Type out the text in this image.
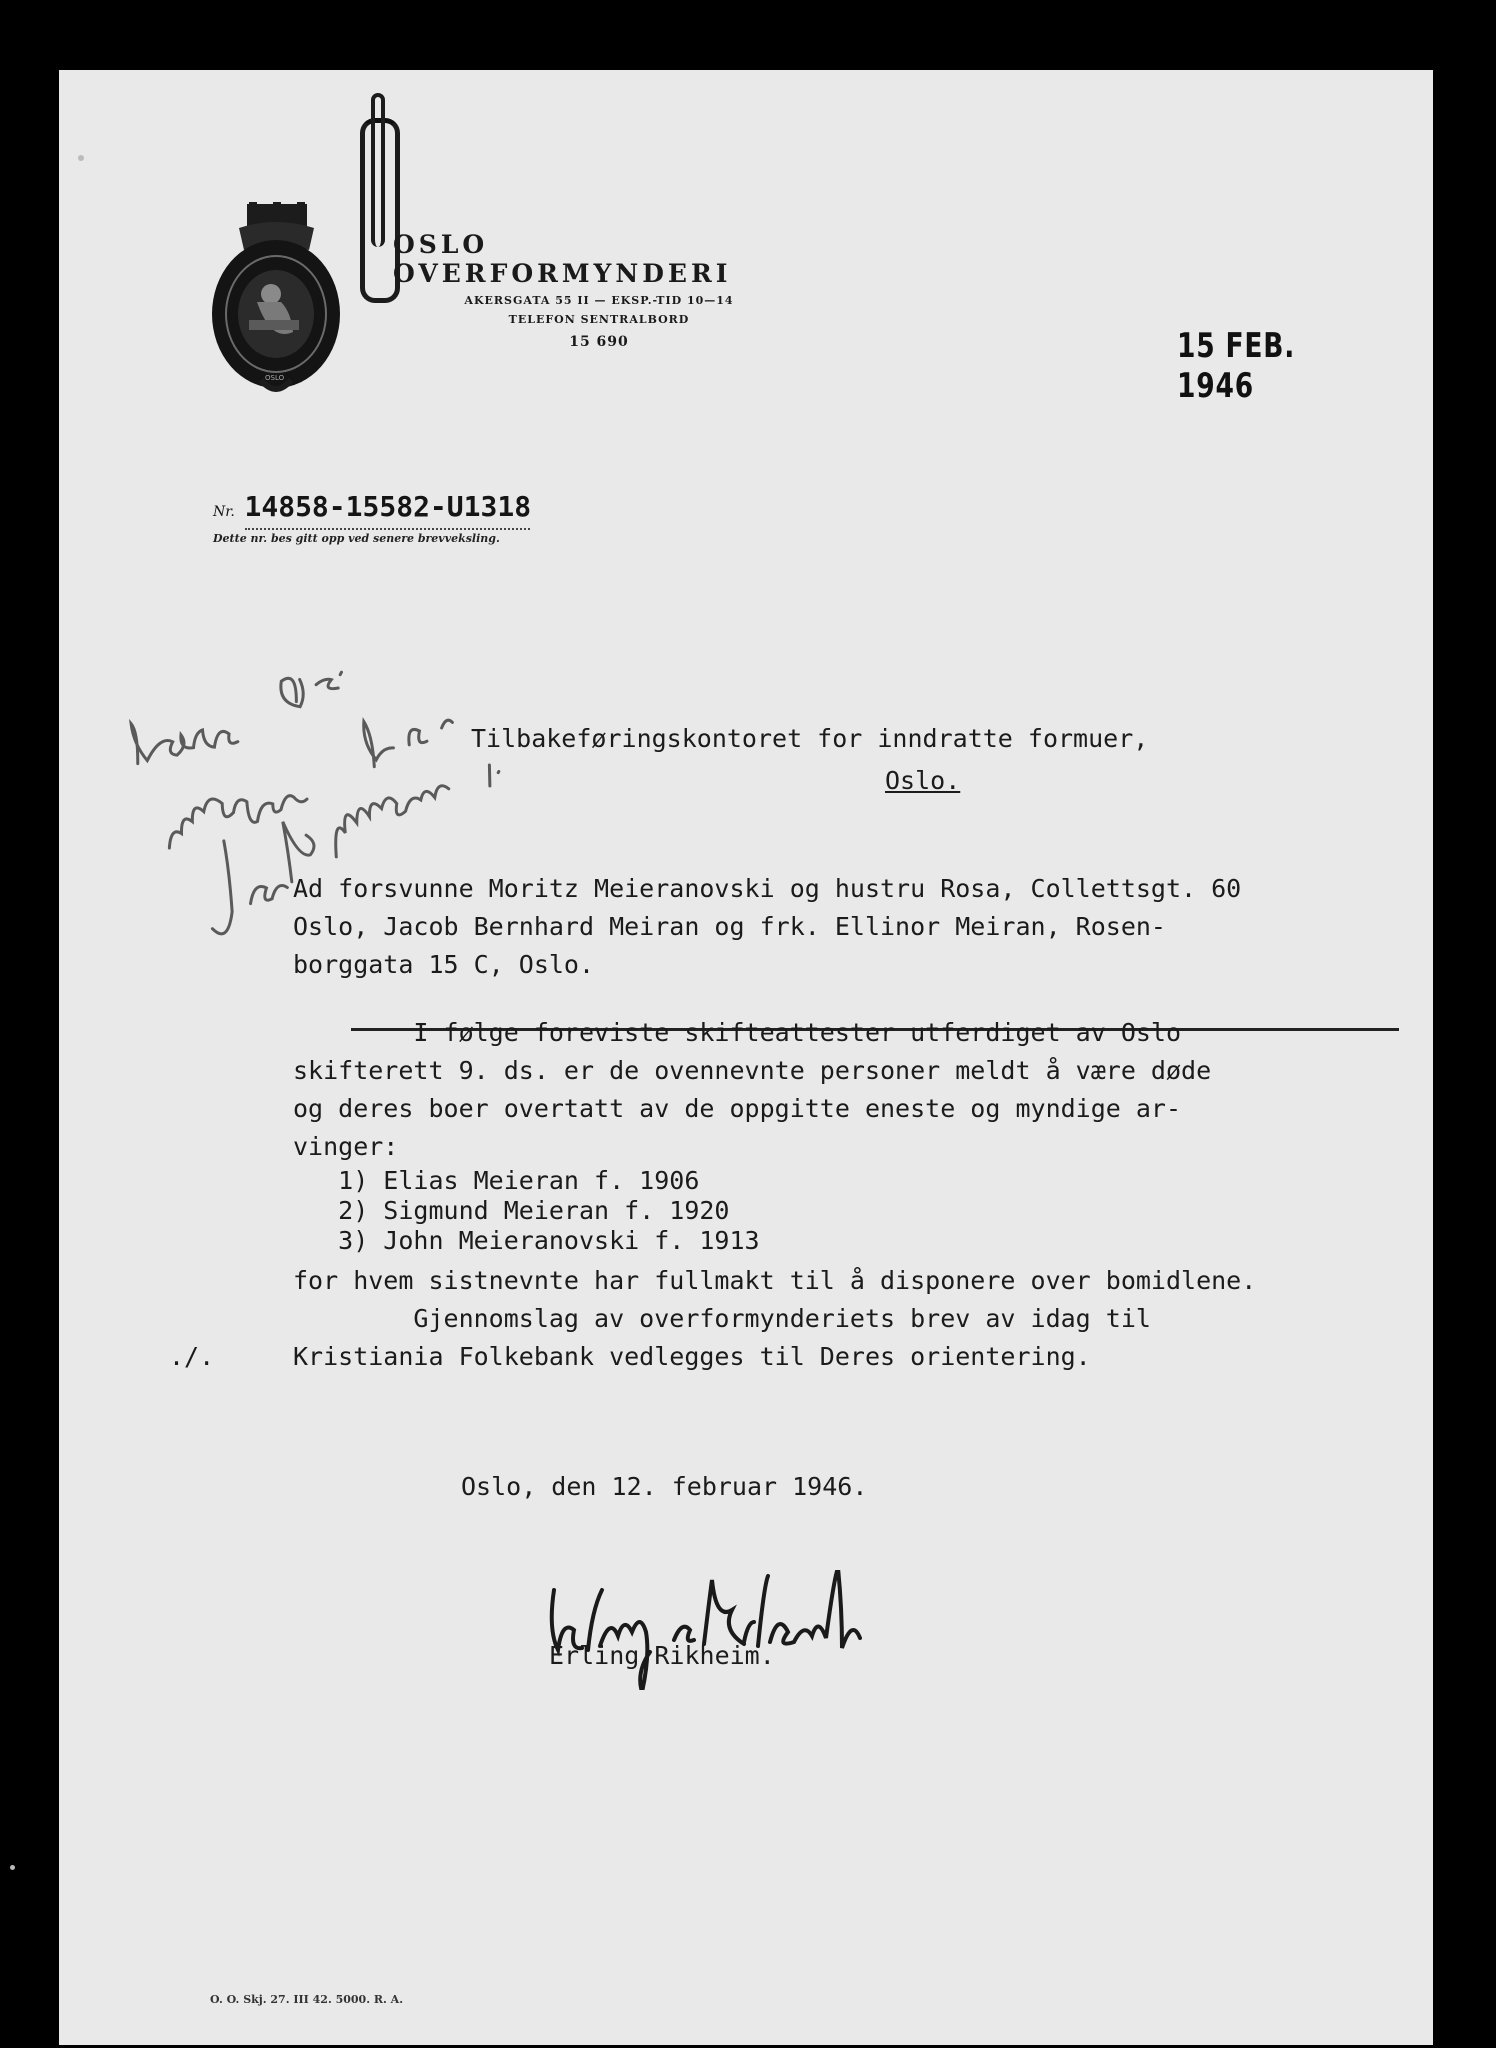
OSLO
OSLO OVERFORMYNDERI
AKERSGATA 55 II — EKSP.-TID 10—14
TELEFON SENTRALBORD
15 690	15 FEB. 1946
Nr. 14858-15582-U1318
Dette nr. bes gitt opp ved senere brevveksling.
Tilbakeføringskontoret for inndratte formuer,
Oslo.
Ad forsvunne Moritz Meieranovski og hustru Rosa, Collettsgt. 60
Oslo, Jacob Bernhard Meiran og frk. Ellinor Meiran, Rosen-
borggata 15 C, Oslo.
I følge foreviste skifteattester utferdiget av Oslo
skifterett 9. ds. er de ovennevnte personer meldt å være døde
og deres boer overtatt av de oppgitte eneste og myndige ar-
vinger:
1) Elias Meieran f. 1906
2) Sigmund Meieran f. 1920
3) John Meieranovski f. 1913
for hvem sistnevnte har fullmakt til å disponere over bomidlene.
Gjennomslag av overformynderiets brev av idag til
Kristiania Folkebank vedlegges til Deres orientering.
./.
Oslo, den 12. februar 1946.
Erling Rikheim.
O. O. Skj. 27. III 42. 5000. R. A.
